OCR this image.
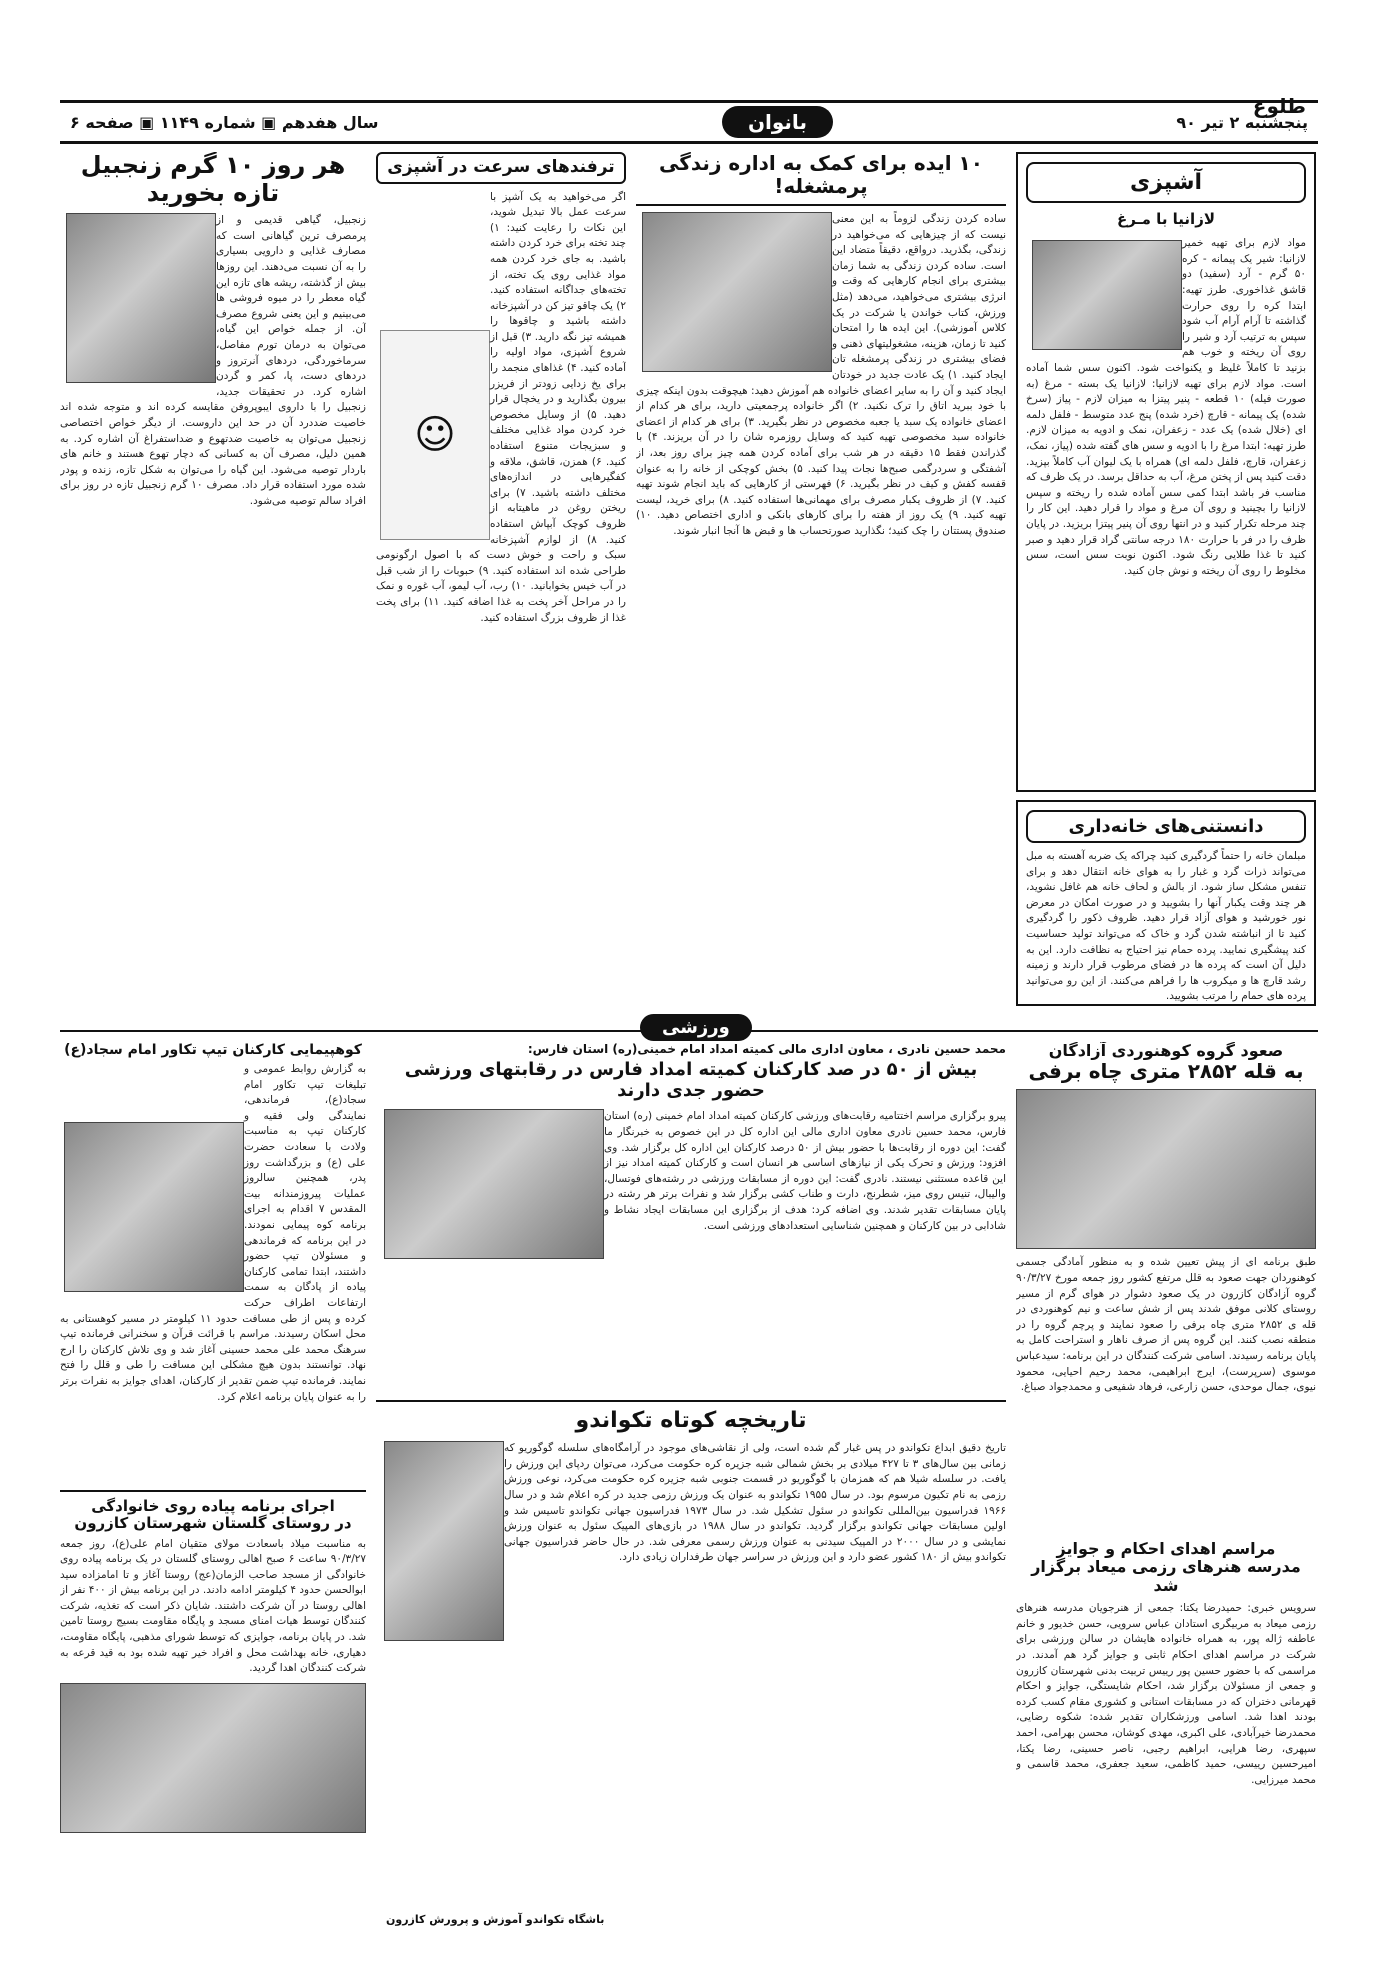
طلوع
پنجشنبه ۲ تیر ۹۰
بانوان
سال هفدهم ▣ شماره ۱۱۴۹ ▣ صفحه ۶
آشپزی
لازانیا با مـرغ

مواد لازم برای تهیه خمیر لازانیا: شیر یک پیمانه - کره ۵۰ گرم - آرد (سفید) دو قاشق غذاخوری. طرز تهیه: ابتدا کره را روی حرارت گذاشته تا آرام آرام آب شود سپس به ترتیب آرد و شیر را روی آن ریخته و خوب هم بزنید تا کاملاً غلیظ و یکنواخت شود. اکنون سس شما آماده است. مواد لازم برای تهیه لازانیا: لازانیا یک بسته - مرغ (به صورت فیله) ۱۰ قطعه - پنیر پیتزا به میزان لازم - پیاز (سرخ شده) یک پیمانه - قارچ (خرد شده) پنج عدد متوسط - فلفل دلمه ای (خلال شده) یک عدد - زعفران، نمک و ادویه به میزان لازم. طرز تهیه: ابتدا مرغ را با ادویه و سس های گفته شده (پیاز، نمک، زعفران، قارچ، فلفل دلمه ای) همراه با یک لیوان آب کاملاً بپزید. دقت کنید پس از پختن مرغ، آب به حداقل برسد. در یک ظرف که مناسب فر باشد ابتدا کمی سس آماده شده را ریخته و سپس لازانیا را بچینید و روی آن مرغ و مواد را قرار دهید. این کار را چند مرحله تکرار کنید و در انتها روی آن پنیر پیتزا بریزید. در پایان ظرف را در فر با حرارت ۱۸۰ درجه سانتی گراد قرار دهید و صبر کنید تا غذا طلایی رنگ شود. اکنون نوبت سس است، سس مخلوط را روی آن ریخته و نوش جان کنید.

دانستنی‌های خانه‌داری

مبلمان خانه را حتماً گردگیری کنید چراکه یک ضربه آهسته به مبل می‌تواند ذرات گرد و غبار را به هوای خانه انتقال دهد و برای تنفس مشکل ساز شود. از بالش و لحاف خانه هم غافل نشوید، هر چند وقت یکبار آنها را بشویید و در صورت امکان در معرض نور خورشید و هوای آزاد قرار دهید. ظروف ذکور را گردگیری کنید تا از انباشته شدن گرد و خاک که می‌تواند تولید حساسیت کند پیشگیری نمایید. پرده حمام نیز احتیاج به نظافت دارد. این به دلیل آن است که پرده ها در فضای مرطوب قرار دارند و زمینه رشد قارچ ها و میکروب ها را فراهم می‌کنند. از این رو می‌توانید پرده های حمام را مرتب بشویید.

۱۰ ایده برای کمک به اداره زندگی پرمشغله!

ساده کردن زندگی لزوماً به این معنی نیست که از چیزهایی که می‌خواهید در زندگی، بگذرید. درواقع، دقیقاً متضاد این است. ساده کردن زندگی به شما زمان بیشتری برای انجام کارهایی که وقت و انرژی بیشتری می‌خواهید، می‌دهد (مثل ورزش، کتاب خواندن یا شرکت در یک کلاس آموزشی). این ایده ها را امتحان کنید تا زمان، هزینه، مشغولیتهای ذهنی و فضای بیشتری در زندگی پرمشغله تان ایجاد کنید. ۱) یک عادت جدید در خودتان ایجاد کنید و آن را به سایر اعضای خانواده هم آموزش دهید: هیچوقت بدون اینکه چیزی با خود ببرید اتاق را ترک نکنید. ۲) اگر خانواده پرجمعیتی دارید، برای هر کدام از اعضای خانواده یک سبد یا جعبه مخصوص در نظر بگیرید. ۳) برای هر کدام از اعضای خانواده سبد مخصوصی تهیه کنید که وسایل روزمره شان را در آن بریزند. ۴) با گذراندن فقط ۱۵ دقیقه در هر شب برای آماده کردن همه چیز برای روز بعد، از آشفتگی و سردرگمی صبح‌ها نجات پیدا کنید. ۵) بخش کوچکی از خانه را به عنوان قفسه کفش و کیف در نظر بگیرید. ۶) فهرستی از کارهایی که باید انجام شوند تهیه کنید. ۷) از ظروف یکبار مصرف برای مهمانی‌ها استفاده کنید. ۸) برای خرید، لیست تهیه کنید. ۹) یک روز از هفته را برای کارهای بانکی و اداری اختصاص دهید. ۱۰) صندوق پستتان را چک کنید؛ نگذارید صورتحساب ها و قبض ها آنجا انبار شوند.

ترفندهای سرعت در آشپزی
☺

اگر می‌خواهید به یک آشپز با سرعت عمل بالا تبدیل شوید، این نکات را رعایت کنید: ۱) چند تخته برای خرد کردن داشته باشید. به جای خرد کردن همه مواد غذایی روی یک تخته، از تخته‌های جداگانه استفاده کنید. ۲) یک چاقو تیز کن در آشپزخانه داشته باشید و چاقوها را همیشه تیز نگه دارید. ۳) قبل از شروع آشپزی، مواد اولیه را آماده کنید. ۴) غذاهای منجمد را برای یخ زدایی زودتر از فریزر بیرون بگذارید و در یخچال قرار دهید. ۵) از وسایل مخصوص خرد کردن مواد غذایی مختلف و سبزیجات متنوع استفاده کنید. ۶) همزن، قاشق، ملاقه و کفگیرهایی در اندازه‌های مختلف داشته باشید. ۷) برای ریختن روغن در ماهیتابه از ظروف کوچک آبپاش استفاده کنید. ۸) از لوازم آشپزخانه سبک و راحت و خوش دست که با اصول ارگونومی طراحی شده اند استفاده کنید. ۹) حبوبات را از شب قبل در آب خیس بخوابانید. ۱۰) رب، آب لیمو، آب غوره و نمک را در مراحل آخر پخت به غذا اضافه کنید. ۱۱) برای پخت غذا از ظروف بزرگ استفاده کنید.

هر روز ۱۰ گرم زنجبیل تازه بخورید

زنجبیل، گیاهی قدیمی و از پرمصرف ترین گیاهانی است که مصارف غذایی و دارویی بسیاری را به آن نسبت می‌دهند. این روزها بیش از گذشته، ریشه های تازه این گیاه معطر را در میوه فروشی ها می‌بینیم و این یعنی شروع مصرف آن. از جمله خواص این گیاه، می‌توان به درمان تورم مفاصل، سرماخوردگی، دردهای آنرتروز و دردهای دست، پا، کمر و گردن اشاره کرد. در تحقیقات جدید، زنجبیل را با داروی ایبوپروفن مقایسه کرده اند و متوجه شده اند خاصیت ضددرد آن در حد این داروست. از دیگر خواص اختصاصی زنجبیل می‌توان به خاصیت ضدتهوع و ضداستفراغ آن اشاره کرد. به همین دلیل، مصرف آن به کسانی که دچار تهوع هستند و خانم های باردار توصیه می‌شود. این گیاه را می‌توان به شکل تازه، زنده و پودر شده مورد استفاده قرار داد. مصرف ۱۰ گرم زنجبیل تازه در روز برای افراد سالم توصیه می‌شود.

ورزشی
صعود گروه کوهنوردی آزادگان
به قله ۲۸۵۲ متری چاه برفی

طبق برنامه ای از پیش تعیین شده و به منظور آمادگی جسمی کوهنوردان جهت صعود به قلل مرتفع کشور روز جمعه مورخ ۹۰/۳/۲۷ گروه آزادگان کازرون در یک صعود دشوار در هوای گرم از مسیر روستای کلانی موفق شدند پس از شش ساعت و نیم کوهنوردی در قله ی ۲۸۵۲ متری چاه برفی را صعود نمایند و پرچم گروه را در منطقه نصب کنند. این گروه پس از صرف ناهار و استراحت کامل به پایان برنامه رسیدند. اسامی شرکت کنندگان در این برنامه: سیدعباس موسوی (سرپرست)، ایرج ابراهیمی، محمد رحیم احیایی، محمود نیوی، جمال موحدی، حسن زارعی، فرهاد شفیعی و محمدجواد صباغ.

مراسم اهدای احکام و جوایز
مدرسه هنرهای رزمی میعاد برگزار شد

سرویس خبری: حمیدرضا یکتا: جمعی از هنرجویان مدرسه هنرهای رزمی میعاد به مربیگری استادان عباس سرویی، حسن خدیور و خانم عاطفه ژاله پور، به همراه خانواده هایشان در سالن ورزشی برای شرکت در مراسم اهدای احکام ثابتی و جوایز گرد هم آمدند. در مراسمی که با حضور حسین پور رییس تربیت بدنی شهرستان کازرون و جمعی از مسئولان برگزار شد، احکام شایستگی، جوایز و احکام قهرمانی دختران که در مسابقات استانی و کشوری مقام کسب کرده بودند اهدا شد. اسامی ورزشکاران تقدیر شده: شکوه رضایی، محمدرضا خیرآبادی، علی اکبری، مهدی کوشان، محسن بهرامی، احمد سپهری، رضا هرایی، ابراهیم رجبی، ناصر حسینی، رضا یکتا، امیرحسین رییسی، حمید کاظمی، سعید جعفری، محمد قاسمی و محمد میرزایی.

محمد حسین نادری ، معاون اداری مالی کمیته امداد امام خمینی(ره) استان فارس:
بیش از ۵۰ در صد کارکنان کمیته امداد فارس در رقابتهای ورزشی حضور جدی دارند

پیرو برگزاری مراسم اختتامیه رقابت‌های ورزشی کارکنان کمیته امداد امام خمینی (ره) استان فارس، محمد حسین نادری معاون اداری مالی این اداره کل در این خصوص به خبرنگار ما گفت: این دوره از رقابت‌ها با حضور بیش از ۵۰ درصد کارکنان این اداره کل برگزار شد. وی افزود: ورزش و تحرک یکی از نیازهای اساسی هر انسان است و کارکنان کمیته امداد نیز از این قاعده مستثنی نیستند. نادری گفت: این دوره از مسابقات ورزشی در رشته‌های فوتسال، والیبال، تنیس روی میز، شطرنج، دارت و طناب کشی برگزار شد و نفرات برتر هر رشته در پایان مسابقات تقدیر شدند. وی اضافه کرد: هدف از برگزاری این مسابقات ایجاد نشاط و شادابی در بین کارکنان و همچنین شناسایی استعدادهای ورزشی است.

تاریخچه کوتاه تکواندو

تاریخ دقیق ابداع تکواندو در پس غبار گم شده است، ولی از نقاشی‌های موجود در آرامگاه‌های سلسله گوگوریو که زمانی بین سال‌های ۳ تا ۴۲۷ میلادی بر بخش شمالی شبه جزیره کره حکومت می‌کرد، می‌توان ردپای این ورزش را یافت. در سلسله شیلا هم که همزمان با گوگوریو در قسمت جنوبی شبه جزیره کره حکومت می‌کرد، نوعی ورزش رزمی به نام تکیون مرسوم بود. در سال ۱۹۵۵ تکواندو به عنوان یک ورزش رزمی جدید در کره اعلام شد و در سال ۱۹۶۶ فدراسیون بین‌المللی تکواندو در سئول تشکیل شد. در سال ۱۹۷۳ فدراسیون جهانی تکواندو تاسیس شد و اولین مسابقات جهانی تکواندو برگزار گردید. تکواندو در سال ۱۹۸۸ در بازی‌های المپیک سئول به عنوان ورزش نمایشی و در سال ۲۰۰۰ در المپیک سیدنی به عنوان ورزش رسمی معرفی شد. در حال حاضر فدراسیون جهانی تکواندو بیش از ۱۸۰ کشور عضو دارد و این ورزش در سراسر جهان طرفداران زیادی دارد.

باشگاه تکواندو آموزش و پرورش کازرون
کوهپیمایی کارکنان تیپ تکاور امام سجاد(ع)

به گزارش روابط عمومی و تبلیغات تیپ تکاور امام سجاد(ع)، فرماندهی، نمایندگی ولی فقیه و کارکنان تیپ به مناسبت ولادت با سعادت حضرت علی (ع) و بزرگداشت روز پدر، همچنین سالروز عملیات پیروزمندانه بیت المقدس ۷ اقدام به اجرای برنامه کوه پیمایی نمودند. در این برنامه که فرماندهی و مسئولان تیپ حضور داشتند، ابتدا تمامی کارکنان پیاده از پادگان به سمت ارتفاعات اطراف حرکت کرده و پس از طی مسافت حدود ۱۱ کیلومتر در مسیر کوهستانی به محل اسکان رسیدند. مراسم با قرائت قرآن و سخنرانی فرمانده تیپ سرهنگ محمد علی محمد حسینی آغاز شد و وی تلاش کارکنان را ارج نهاد. توانستند بدون هیچ مشکلی این مسافت را طی و قلل را فتح نمایند. فرمانده تیپ ضمن تقدیر از کارکنان، اهدای جوایز به نفرات برتر را به عنوان پایان برنامه اعلام کرد.

اجرای برنامه پیاده روی خانوادگی
در روستای گلستان شهرستان کازرون

به مناسبت میلاد باسعادت مولای متقیان امام علی(ع)، روز جمعه ۹۰/۳/۲۷ ساعت ۶ صبح اهالی روستای گلستان در یک برنامه پیاده روی خانوادگی از مسجد صاحب الزمان(عج) روستا آغاز و تا امامزاده سید ابوالحسن حدود ۴ کیلومتر ادامه دادند. در این برنامه بیش از ۴۰۰ نفر از اهالی روستا در آن شرکت داشتند. شایان ذکر است که تغذیه، شرکت کنندگان توسط هیات امنای مسجد و پایگاه مقاومت بسیج روستا تامین شد. در پایان برنامه، جوایزی که توسط شورای مذهبی، پایگاه مقاومت، دهیاری، خانه بهداشت محل و افراد خیر تهیه شده بود به قید قرعه به شرکت کنندگان اهدا گردید.
